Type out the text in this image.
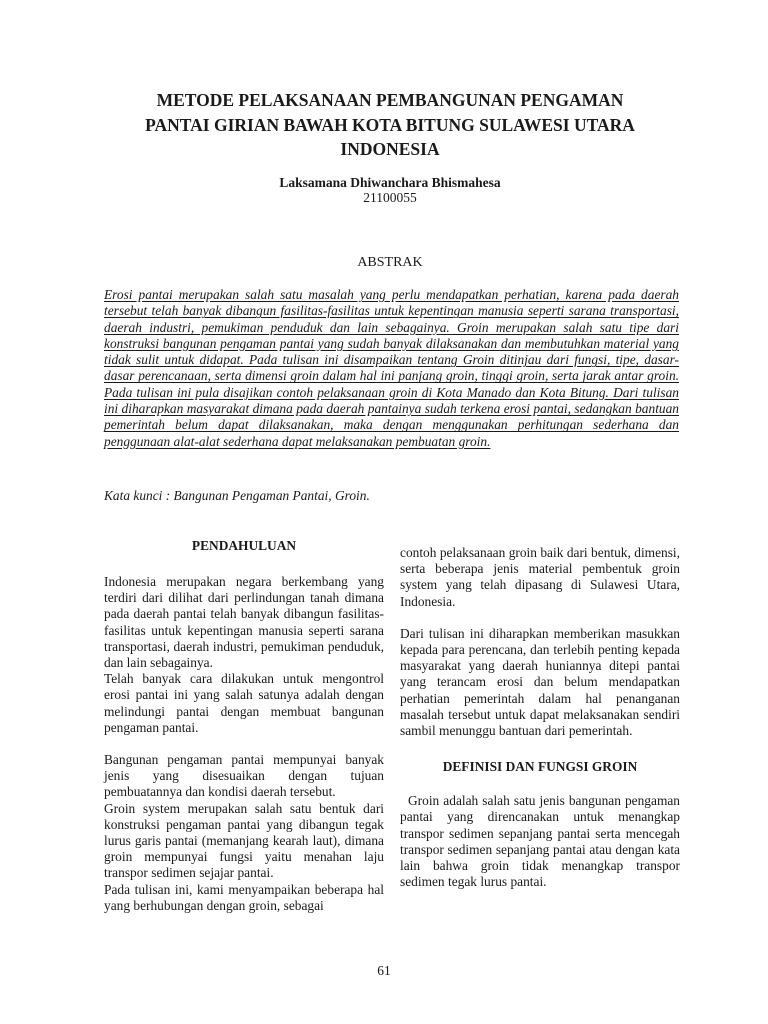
METODE PELAKSANAAN PEMBANGUNAN PENGAMAN
PANTAI GIRIAN BAWAH KOTA BITUNG SULAWESI UTARA
INDONESIA
Laksamana Dhiwanchara Bhismahesa
21100055
ABSTRAK
Erosi pantai merupakan salah satu masalah yang perlu mendapatkan perhatian, karena pada daerah tersebut telah banyak dibangun fasilitas-fasilitas untuk kepentingan manusia seperti sarana transportasi, daerah industri, pemukiman penduduk dan lain sebagainya. Groin merupakan salah satu tipe dari konstruksi bangunan pengaman pantai yang sudah banyak dilaksanakan dan membutuhkan material yang tidak sulit untuk didapat. Pada tulisan ini disampaikan tentang Groin ditinjau dari fungsi, tipe, dasar-dasar perencanaan, serta dimensi groin dalam hal ini panjang groin, tinggi groin, serta jarak antar groin. Pada tulisan ini pula disajikan contoh pelaksanaan groin di Kota Manado dan Kota Bitung. Dari tulisan ini diharapkan masyarakat dimana pada daerah pantainya sudah terkena erosi pantai, sedangkan bantuan pemerintah belum dapat dilaksanakan, maka dengan menggunakan perhitungan sederhana dan penggunaan alat-alat sederhana dapat melaksanakan pembuatan groin.
Kata kunci : Bangunan Pengaman Pantai, Groin.
PENDAHULUAN

Indonesia merupakan negara berkembang yang terdiri dari dilihat dari perlindungan tanah dimana pada daerah pantai telah banyak dibangun fasilitas-fasilitas untuk kepentingan manusia seperti sarana transportasi, daerah industri, pemukiman penduduk, dan lain sebagainya.

Telah banyak cara dilakukan untuk mengontrol erosi pantai ini yang salah satunya adalah dengan melindungi pantai dengan membuat bangunan pengaman pantai.

Bangunan pengaman pantai mempunyai banyak jenis yang disesuaikan dengan tujuan pembuatannya dan kondisi daerah tersebut.

Groin system merupakan salah satu bentuk dari konstruksi pengaman pantai yang dibangun tegak lurus garis pantai (memanjang kearah laut), dimana groin mempunyai fungsi yaitu menahan laju transpor sedimen sejajar pantai.

Pada tulisan ini, kami menyampaikan beberapa hal yang berhubungan dengan groin, sebagai

contoh pelaksanaan groin baik dari bentuk, dimensi, serta beberapa jenis material pembentuk groin system yang telah dipasang di Sulawesi Utara, Indonesia.

Dari tulisan ini diharapkan memberikan masukkan kepada para perencana, dan terlebih penting kepada masyarakat yang daerah huniannya ditepi pantai yang terancam erosi dan belum mendapatkan perhatian pemerintah dalam hal penanganan masalah tersebut untuk dapat melaksanakan sendiri sambil menunggu bantuan dari pemerintah.

DEFINISI DAN FUNGSI GROIN

Groin adalah salah satu jenis bangunan pengaman pantai yang direncanakan untuk menangkap transpor sedimen sepanjang pantai serta mencegah transpor sedimen sepanjang pantai atau dengan kata lain bahwa groin tidak menangkap transpor sedimen tegak lurus pantai.

61
